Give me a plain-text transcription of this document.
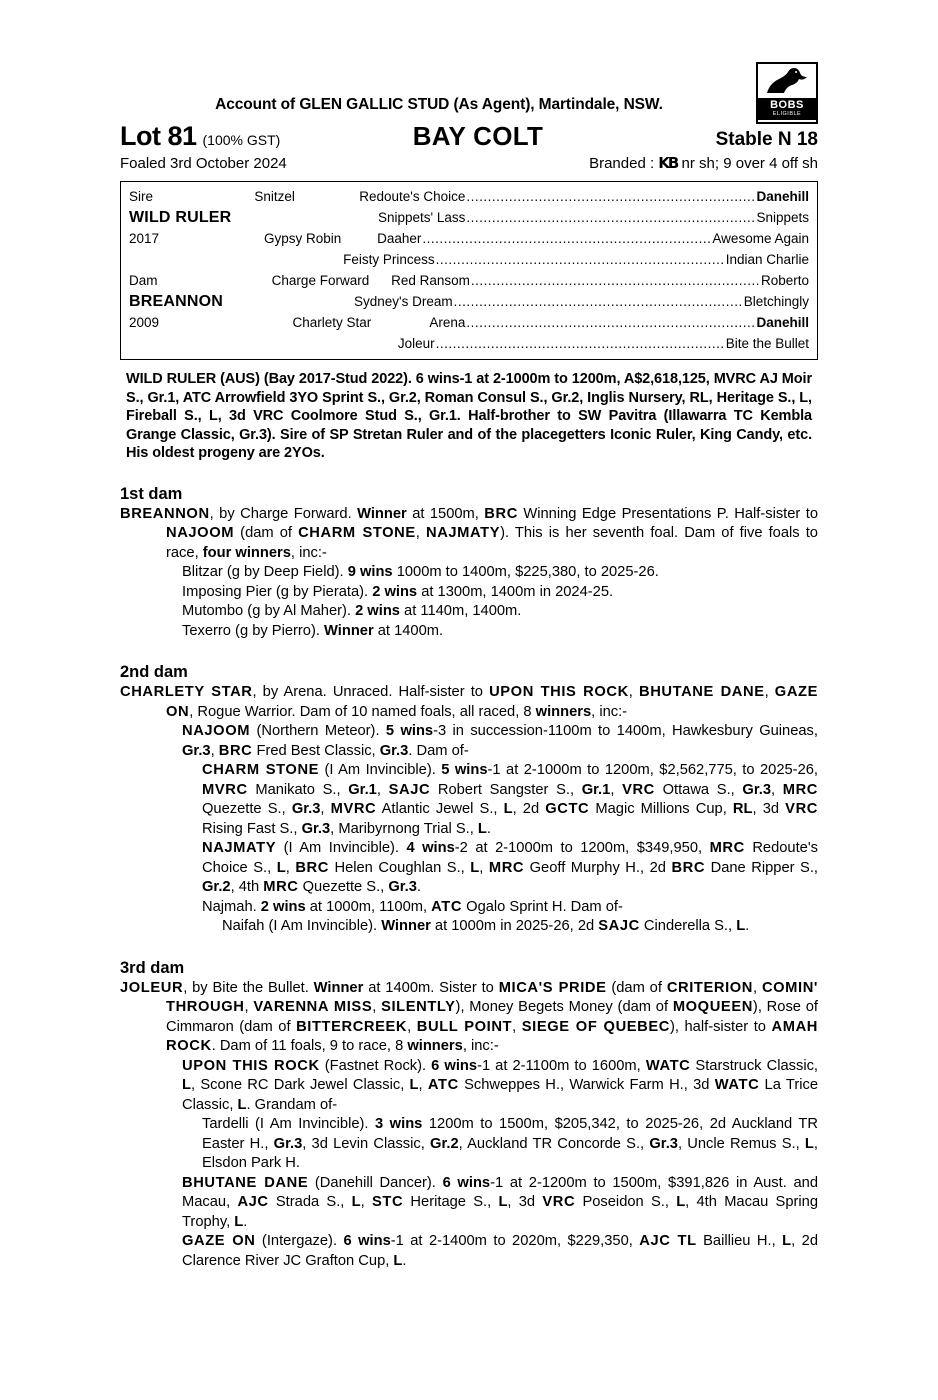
BOBS
ELIGIBLE
Account of GLEN GALLIC STUD (As Agent), Martindale, NSW.
Lot 81 (100% GST)	BAY COLT	Stable N 18
Foaled 3rd October 2024	Branded : KB nr sh; 9 over 4 off sh
Sire	Snitzel	Redoute's Choice .................................................................... Danehill
WILD RULER	Snippets' Lass .................................................................... Snippets
2017	Gypsy Robin	Daaher .................................................................... Awesome Again
Feisty Princess .................................................................... Indian Charlie
Dam	Charge Forward	Red Ransom .................................................................... Roberto
BREANNON	Sydney's Dream .................................................................... Bletchingly
2009	Charlety Star	Arena .................................................................... Danehill
Joleur .................................................................... Bite the Bullet
WILD RULER (AUS) (Bay 2017-Stud 2022). 6 wins-1 at 2-1000m to 1200m, A$2,618,125, MVRC AJ Moir S., Gr.1, ATC Arrowfield 3YO Sprint S., Gr.2, Roman Consul S., Gr.2, Inglis Nursery, RL, Heritage S., L, Fireball S., L, 3d VRC Coolmore Stud S., Gr.1. Half-brother to SW Pavitra (Illawarra TC Kembla Grange Classic, Gr.3). Sire of SP Stretan Ruler and of the placegetters Iconic Ruler, King Candy, etc. His oldest progeny are 2YOs.
1st dam
BREANNON, by Charge Forward. Winner at 1500m, BRC Winning Edge Presentations P. Half-sister to NAJOOM (dam of CHARM STONE, NAJMATY). This is her seventh foal. Dam of five foals to race, four winners, inc:-
Blitzar (g by Deep Field). 9 wins 1000m to 1400m, $225,380, to 2025-26.
Imposing Pier (g by Pierata). 2 wins at 1300m, 1400m in 2024-25.
Mutombo (g by Al Maher). 2 wins at 1140m, 1400m.
Texerro (g by Pierro). Winner at 1400m.
2nd dam
CHARLETY STAR, by Arena. Unraced. Half-sister to UPON THIS ROCK, BHUTANE DANE, GAZE ON, Rogue Warrior. Dam of 10 named foals, all raced, 8 winners, inc:-
NAJOOM (Northern Meteor). 5 wins-3 in succession-1100m to 1400m, Hawkesbury Guineas, Gr.3, BRC Fred Best Classic, Gr.3. Dam of-
CHARM STONE (I Am Invincible). 5 wins-1 at 2-1000m to 1200m, $2,562,775, to 2025-26, MVRC Manikato S., Gr.1, SAJC Robert Sangster S., Gr.1, VRC Ottawa S., Gr.3, MRC Quezette S., Gr.3, MVRC Atlantic Jewel S., L, 2d GCTC Magic Millions Cup, RL, 3d VRC Rising Fast S., Gr.3, Maribyrnong Trial S., L.
NAJMATY (I Am Invincible). 4 wins-2 at 2-1000m to 1200m, $349,950, MRC Redoute's Choice S., L, BRC Helen Coughlan S., L, MRC Geoff Murphy H., 2d BRC Dane Ripper S., Gr.2, 4th MRC Quezette S., Gr.3.
Najmah. 2 wins at 1000m, 1100m, ATC Ogalo Sprint H. Dam of-
Naifah (I Am Invincible). Winner at 1000m in 2025-26, 2d SAJC Cinderella S., L.
3rd dam
JOLEUR, by Bite the Bullet. Winner at 1400m. Sister to MICA'S PRIDE (dam of CRITERION, COMIN' THROUGH, VARENNA MISS, SILENTLY), Money Begets Money (dam of MOQUEEN), Rose of Cimmaron (dam of BITTERCREEK, BULL POINT, SIEGE OF QUEBEC), half-sister to AMAH ROCK. Dam of 11 foals, 9 to race, 8 winners, inc:-
UPON THIS ROCK (Fastnet Rock). 6 wins-1 at 2-1100m to 1600m, WATC Starstruck Classic, L, Scone RC Dark Jewel Classic, L, ATC Schweppes H., Warwick Farm H., 3d WATC La Trice Classic, L. Grandam of-
Tardelli (I Am Invincible). 3 wins 1200m to 1500m, $205,342, to 2025-26, 2d Auckland TR Easter H., Gr.3, 3d Levin Classic, Gr.2, Auckland TR Concorde S., Gr.3, Uncle Remus S., L, Elsdon Park H.
BHUTANE DANE (Danehill Dancer). 6 wins-1 at 2-1200m to 1500m, $391,826 in Aust. and Macau, AJC Strada S., L, STC Heritage S., L, 3d VRC Poseidon S., L, 4th Macau Spring Trophy, L.
GAZE ON (Intergaze). 6 wins-1 at 2-1400m to 2020m, $229,350, AJC TL Baillieu H., L, 2d Clarence River JC Grafton Cup, L.
